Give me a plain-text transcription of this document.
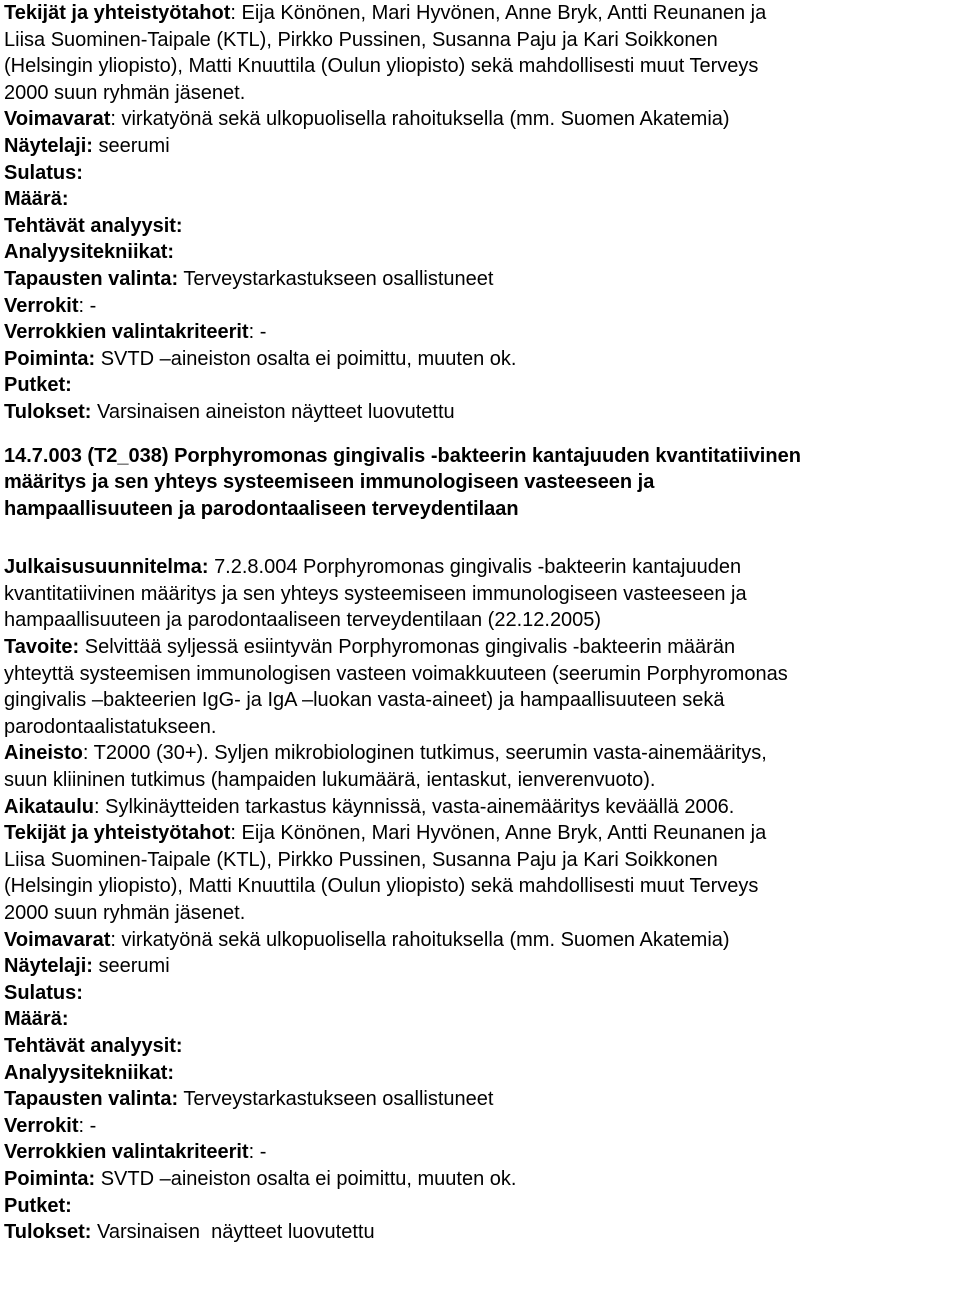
Tekijät ja yhteistyötahot: Eija Könönen, Mari Hyvönen, Anne Bryk, Antti Reunanen ja
Liisa Suominen-Taipale (KTL), Pirkko Pussinen, Susanna Paju ja Kari Soikkonen
(Helsingin yliopisto), Matti Knuuttila (Oulun yliopisto) sekä mahdollisesti muut Terveys
2000 suun ryhmän jäsenet.
Voimavarat: virkatyönä sekä ulkopuolisella rahoituksella (mm. Suomen Akatemia)
Näytelaji: seerumi
Sulatus:
Määrä:
Tehtävät analyysit:
Analyysitekniikat:
Tapausten valinta: Terveystarkastukseen osallistuneet
Verrokit: -
Verrokkien valintakriteerit: -
Poiminta: SVTD –aineiston osalta ei poimittu, muuten ok.
Putket:
Tulokset: Varsinaisen aineiston näytteet luovutettu
14.7.003 (T2_038) Porphyromonas gingivalis -bakteerin kantajuuden kvantitatiivinen
määritys ja sen yhteys systeemiseen immunologiseen vasteeseen ja
hampaallisuuteen ja parodontaaliseen terveydentilaan
Julkaisusuunnitelma: 7.2.8.004 Porphyromonas gingivalis -bakteerin kantajuuden
kvantitatiivinen määritys ja sen yhteys systeemiseen immunologiseen vasteeseen ja
hampaallisuuteen ja parodontaaliseen terveydentilaan (22.12.2005)
Tavoite: Selvittää syljessä esiintyvän Porphyromonas gingivalis -bakteerin määrän
yhteyttä systeemisen immunologisen vasteen voimakkuuteen (seerumin Porphyromonas
gingivalis –bakteerien IgG- ja IgA –luokan vasta-aineet) ja hampaallisuuteen sekä
parodontaalistatukseen.
Aineisto: T2000 (30+). Syljen mikrobiologinen tutkimus, seerumin vasta-ainemääritys,
suun kliininen tutkimus (hampaiden lukumäärä, ientaskut, ienverenvuoto).
Aikataulu: Sylkinäytteiden tarkastus käynnissä, vasta-ainemääritys keväällä 2006.
Tekijät ja yhteistyötahot: Eija Könönen, Mari Hyvönen, Anne Bryk, Antti Reunanen ja
Liisa Suominen-Taipale (KTL), Pirkko Pussinen, Susanna Paju ja Kari Soikkonen
(Helsingin yliopisto), Matti Knuuttila (Oulun yliopisto) sekä mahdollisesti muut Terveys
2000 suun ryhmän jäsenet.
Voimavarat: virkatyönä sekä ulkopuolisella rahoituksella (mm. Suomen Akatemia)
Näytelaji: seerumi
Sulatus:
Määrä:
Tehtävät analyysit:
Analyysitekniikat:
Tapausten valinta: Terveystarkastukseen osallistuneet
Verrokit: -
Verrokkien valintakriteerit: -
Poiminta: SVTD –aineiston osalta ei poimittu, muuten ok.
Putket:
Tulokset: Varsinaisen  näytteet luovutettu
